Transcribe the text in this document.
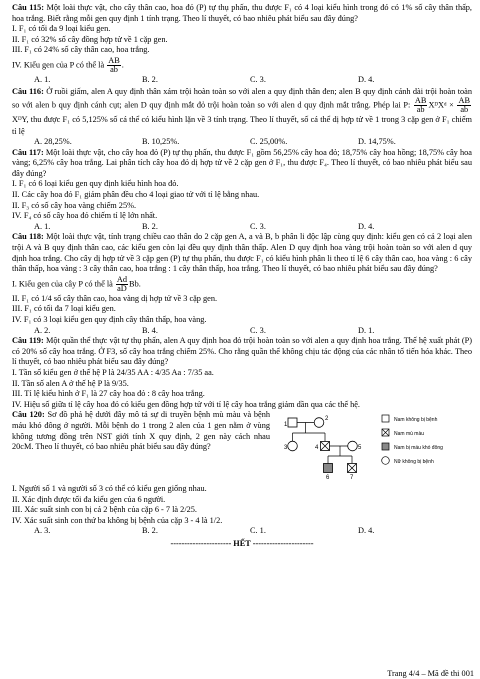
Câu 115: Một loài thực vật, cho cây thân cao, hoa đỏ (P) tự thụ phấn, thu được F₁ có 4 loại kiểu hình trong đó có 1% số cây thân thấp, hoa trắng. Biết rằng mỗi gen quy định 1 tính trạng. Theo lí thuyết, có bao nhiêu phát biểu sau đây đúng?

I. F₁ có tối đa 9 loại kiểu gen.

II. F₁ có 32% số cây đồng hợp tử về 1 cặp gen.

III. F₁ có 24% số cây thân cao, hoa trắng.

IV. Kiểu gen của P có thể là $\frac{AB}{ab}$ .

A. 1.	B. 2.	C. 3.	D. 4.

Câu 116: Ở ruồi giấm, alen A quy định thân xám trội hoàn toàn so với alen a quy định thân đen; alen B quy định cánh dài trội hoàn toàn so với alen b quy định cánh cụt; alen D quy định mắt đỏ trội hoàn toàn so với alen d quy định mắt trắng. Phép lai P: $\frac{AB}{ab}$ XᴰXᵈ × $\frac{AB}{ab}$
XᴰY, thu được F₁ có 5,125% số cá thể có kiểu hình lặn về 3 tính trạng. Theo lí thuyết, số cá thể dị hợp tử về 1 trong 3 cặp gen ở F₁ chiếm tỉ lệ

A. 28,25%.	B. 10,25%.	C. 25,00%.	D. 14,75%.

Câu 117: Một loài thực vật, cho cây hoa đỏ (P) tự thụ phấn, thu được F₁ gồm 56,25% cây hoa đỏ; 18,75% cây hoa hồng; 18,75% cây hoa vàng; 6,25% cây hoa trắng. Lai phân tích cây hoa đỏ dị hợp tử về 2 cặp gen ở F₁, thu được F₄. Theo lí thuyết, có bao nhiêu phát biểu sau đây đúng?

I. F₁ có 6 loại kiểu gen quy định kiểu hình hoa đỏ.

II. Các cây hoa đỏ F₁ giảm phân đều cho 4 loại giao tử với tỉ lệ bằng nhau.

II. F₃ có số cây hoa vàng chiếm 25%.

IV. F₄ có số cây hoa đỏ chiếm tỉ lệ lớn nhất.

A. 1.	B. 2.	C. 3.	D. 4.

Câu 118: Một loài thực vật, tính trạng chiều cao thân do 2 cặp gen A, a và B, b phân li độc lập cùng quy định: kiểu gen có cả 2 loại alen trội A và B quy định thân cao, các kiểu gen còn lại đều quy định thân thấp. Alen D quy định hoa vàng trội hoàn toàn so với alen d quy định hoa trắng. Cho cây dị hợp tử về 3 cặp gen (P) tự thụ phấn, thu được F₁ có kiểu hình phân li theo tỉ lệ 6 cây thân cao, hoa vàng : 6 cây thân thấp, hoa vàng : 3 cây thân cao, hoa trắng : 1 cây thân thấp, hoa trắng. Theo lí thuyết, có bao nhiêu phát biểu sau đây đúng?

I. Kiểu gen của cây P có thể là $\frac{Ad}{aD} Bb$.

II. F₁ có 1/4 số cây thân cao, hoa vàng dị hợp tử về 3 cặp gen.

III. F₁ có tối đa 7 loại kiểu gen.

IV. F₁ có 3 loại kiểu gen quy định cây thân thấp, hoa vàng.

A. 2.	B. 4.	C. 3.	D. 1.

Câu 119: Một quần thể thực vật tự thụ phấn, alen A quy định hoa đỏ trội hoàn toàn so với alen a quy định hoa trắng. Thế hệ xuất phát (P) có 20% số cây hoa trắng. Ở F3, số cây hoa trắng chiếm 25%. Cho rằng quần thể không chịu tác động của các nhân tố tiến hóa khác. Theo lí thuyết, có bao nhiêu phát biểu sau đây đúng?

I. Tần số kiểu gen ở thế hệ P là 24/35 AA : 4/35 Aa : 7/35 aa.

II. Tần số alen A ở thế hệ P là 9/35.

III. Tỉ lệ kiểu hình ở F₁ là 27 cây hoa đỏ : 8 cây hoa trắng.

IV. Hiệu số giữa tỉ lệ cây hoa đỏ có kiểu gen đồng hợp tử với tỉ lệ cây hoa trắng giảm dần qua các thế hệ.

Câu 120: Sơ đồ phả hệ dưới đây mô tả sự di truyền bệnh mù màu và bệnh máu khó đông ở người. Mỗi bệnh do 1 trong 2 alen của 1 gen nằm ở vùng không tương đồng trên NST giới tính X quy định, 2 gen này cách nhau 20cM. Theo lí thuyết, có bao nhiêu phát biểu sau đây đúng?

1
2
3	4	5
6	7
Nam không bị bệnh
Nam mù màu
Nam bị máu khó đông
Nữ không bị bệnh

I. Người số 1 và người số 3 có thể có kiểu gen giống nhau.

II. Xác định được tối đa kiểu gen của 6 người.

III. Xác suất sinh con bị cả 2 bệnh của cặp 6 - 7 là 2/25.

IV. Xác suất sinh con thứ ba không bị bệnh của cặp 3 - 4 là 1/2.

A. 3.	B. 2.	C. 1.	D. 4.

---------------------- HẾT ----------------------

Trang 4/4 – Mã đề thi 001
